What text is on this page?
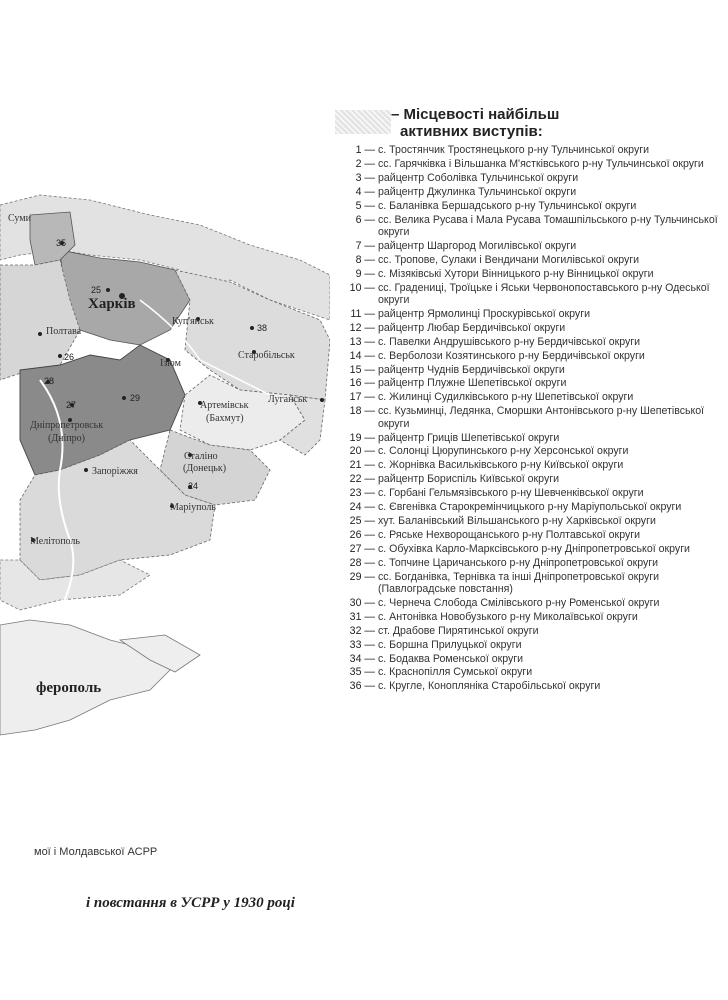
Суми
Харків
Полтава
Куп'янськ
Ізюм
Старобільськ
Луганськ
Артемівськ
(Бахмут)
Дніпропетровськ
(Дніпро)
Запоріжжя
Сталіно
(Донецьк)
Маріуполь
Мелітополь
ферополь
35
25
38
26
28
27
29
24
– Місцевості найбільш
активних виступів:
1 — с. Тростянчик Тростянецького р-ну Тульчинської округи
2 — сс. Гарячківка і Вільшанка М'ястківського р-ну Тульчинської округи
3 — райцентр Соболівка Тульчинської округи
4 — райцентр Джулинка Тульчинської округи
5 — с. Баланівка Бершадського р-ну Тульчинської округи
6 — сс. Велика Русава і Мала Русава Томашпільського р-ну Тульчинської округи
7 — райцентр Шаргород Могилівської округи
8 — сс. Тропове, Сулаки і Вендичани Могилівської округи
9 — с. Мізяківські Хутори Вінницького р-ну Вінницької округи
10 — сс. Градениці, Троїцьке і Яськи Червонопоставського р-ну Одеської округи
11 — райцентр Ярмолинці Проскурівської округи
12 — райцентр Любар Бердичівської округи
13 — с. Павелки Андрушівського р-ну Бердичівської округи
14 — с. Верболози Козятинського р-ну Бердичівської округи
15 — райцентр Чуднів Бердичівської округи
16 — райцентр Плужне Шепетівської округи
17 — с. Жилинці Судилківського р-ну Шепетівської округи
18 — сс. Кузьминці, Ледянка, Сморшки Антонівського р-ну Шепетівської округи
19 — райцентр Гриців Шепетівської округи
20 — с. Солонці Цюрупинського р-ну Херсонської округи
21 — с. Жорнівка Васильківського р-ну Київської округи
22 — райцентр Бориспіль Київської округи
23 — с. Горбані Гельмязівського р-ну Шевченківської округи
24 — с. Євгенівка Старокремінчицького р-ну Маріупольської округи
25 — хут. Баланівський Вільшанського р-ну Харківської округи
26 — с. Ряське Нехворощанського р-ну Полтавської округи
27 — с. Обухівка Карло-Марксівського р-ну Дніпропетровської округи
28 — с. Топчине Царичанського р-ну Дніпропетровської округи
29 — сс. Богданівка, Тернівка та інші Дніпропетровської округи (Павлоградське повстання)
30 — с. Чернеча Слобода Смілівського р-ну Роменської округи
31 — с. Антонівка Новобузького р-ну Миколаївської округи
32 — ст. Драбове Пирятинської округи
33 — с. Боршна Прилуцької округи
34 — с. Бодаква Роменської округи
35 — с. Краснопілля Сумської округи
36 — с. Кругле, Конопляніка Старобільської округи
мої і Молдавської АСРР
і повстання в УСРР у 1930 році
